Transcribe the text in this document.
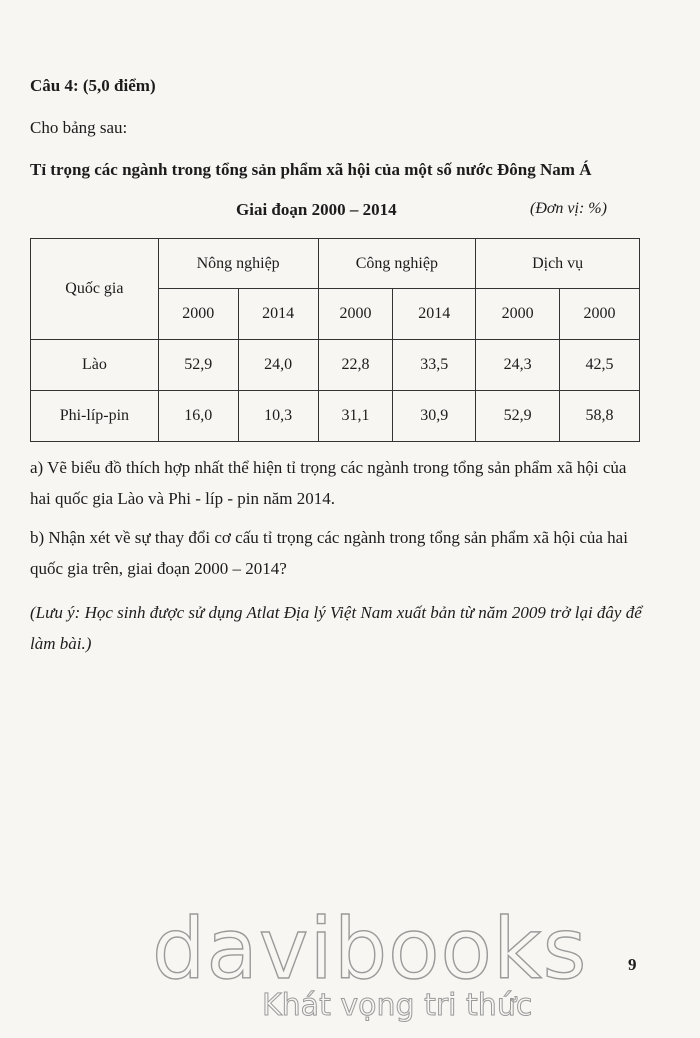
Câu 4: (5,0 điểm)
Cho bảng sau:
Tỉ trọng các ngành trong tổng sản phẩm xã hội của một số nước Đông Nam Á
Giai đoạn 2000 – 2014	(Đơn vị: %)
Quốc gia	Nông nghiệp		Công nghiệp		Dịch vụ	
	2000	2014	2000	2014	2000	2000
Lào	52,9	24,0	22,8	33,5	24,3	42,5
Phi-líp-pin	16,0	10,3	31,1	30,9	52,9	58,8
a) Vẽ biểu đồ thích hợp nhất thể hiện tỉ trọng các ngành trong tổng sản phẩm xã hội của hai quốc gia Lào và Phi - líp - pin năm 2014.
b) Nhận xét về sự thay đổi cơ cấu tỉ trọng các ngành trong tổng sản phẩm xã hội của hai quốc gia trên, giai đoạn 2000 – 2014?
(Lưu ý: Học sinh được sử dụng Atlat Địa lý Việt Nam xuất bản từ năm 2009 trở lại đây để làm bài.)
davibooks
Khát vọng tri thức
9
